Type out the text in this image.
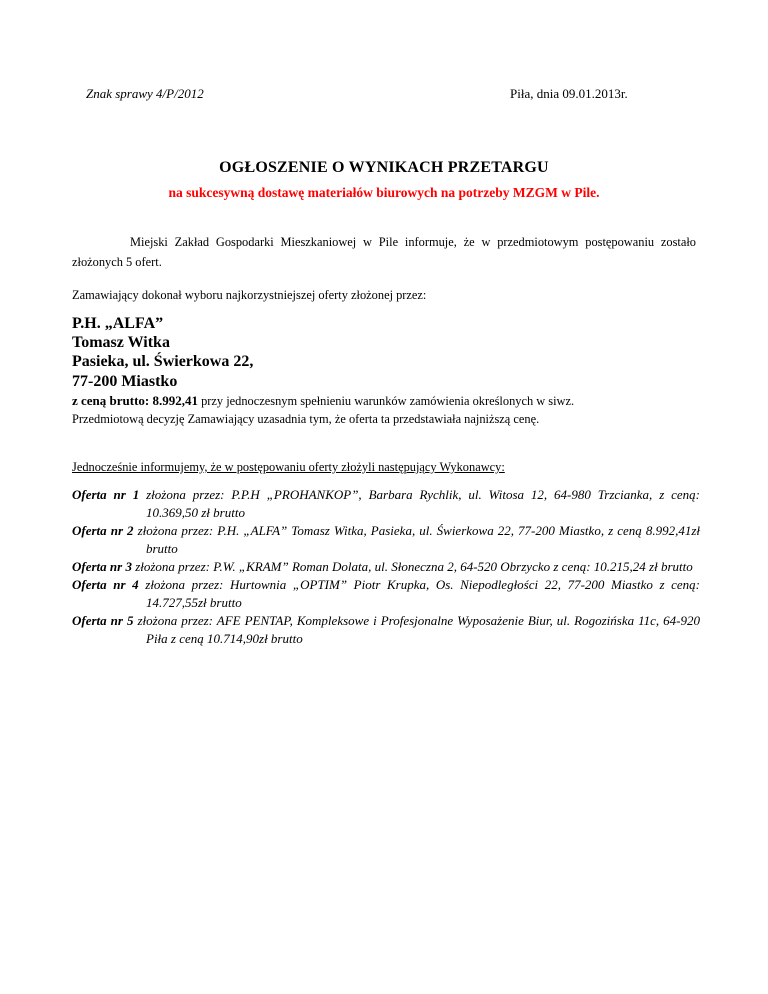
Znak sprawy 4/P/2012	Piła, dnia 09.01.2013r.
OGŁOSZENIE O WYNIKACH PRZETARGU
na sukcesywną dostawę materiałów biurowych na potrzeby MZGM w Pile.
Miejski Zakład Gospodarki Mieszkaniowej w Pile informuje, że w przedmiotowym postępowaniu zostało złożonych 5 ofert.
Zamawiający dokonał wyboru najkorzystniejszej oferty złożonej przez:
P.H. „ALFA”
Tomasz Witka
Pasieka, ul. Świerkowa 22,
77-200 Miastko
z ceną brutto: 8.992,41 przy jednoczesnym spełnieniu warunków zamówienia określonych w siwz.
Przedmiotową decyzję Zamawiający uzasadnia tym, że oferta ta przedstawiała najniższą cenę.
Jednocześnie informujemy, że w postępowaniu oferty złożyli następujący Wykonawcy:

Oferta nr 1 złożona przez: P.P.H „PROHANKOP”, Barbara Rychlik, ul. Witosa 12, 64-980 Trzcianka, z ceną: 10.369,50 zł brutto

Oferta nr 2 złożona przez: P.H. „ALFA” Tomasz Witka, Pasieka, ul. Świerkowa 22, 77-200 Miastko, z ceną 8.992,41zł brutto

Oferta nr 3 złożona przez: P.W. „KRAM” Roman Dolata, ul. Słoneczna 2, 64-520 Obrzycko z ceną: 10.215,24 zł brutto

Oferta nr 4 złożona przez: Hurtownia „OPTIM” Piotr Krupka, Os. Niepodległości 22, 77-200 Miastko z ceną: 14.727,55zł brutto

Oferta nr 5 złożona przez: AFE PENTAP, Kompleksowe i Profesjonalne Wyposażenie Biur, ul. Rogozińska 11c, 64-920 Piła z ceną 10.714,90zł brutto
